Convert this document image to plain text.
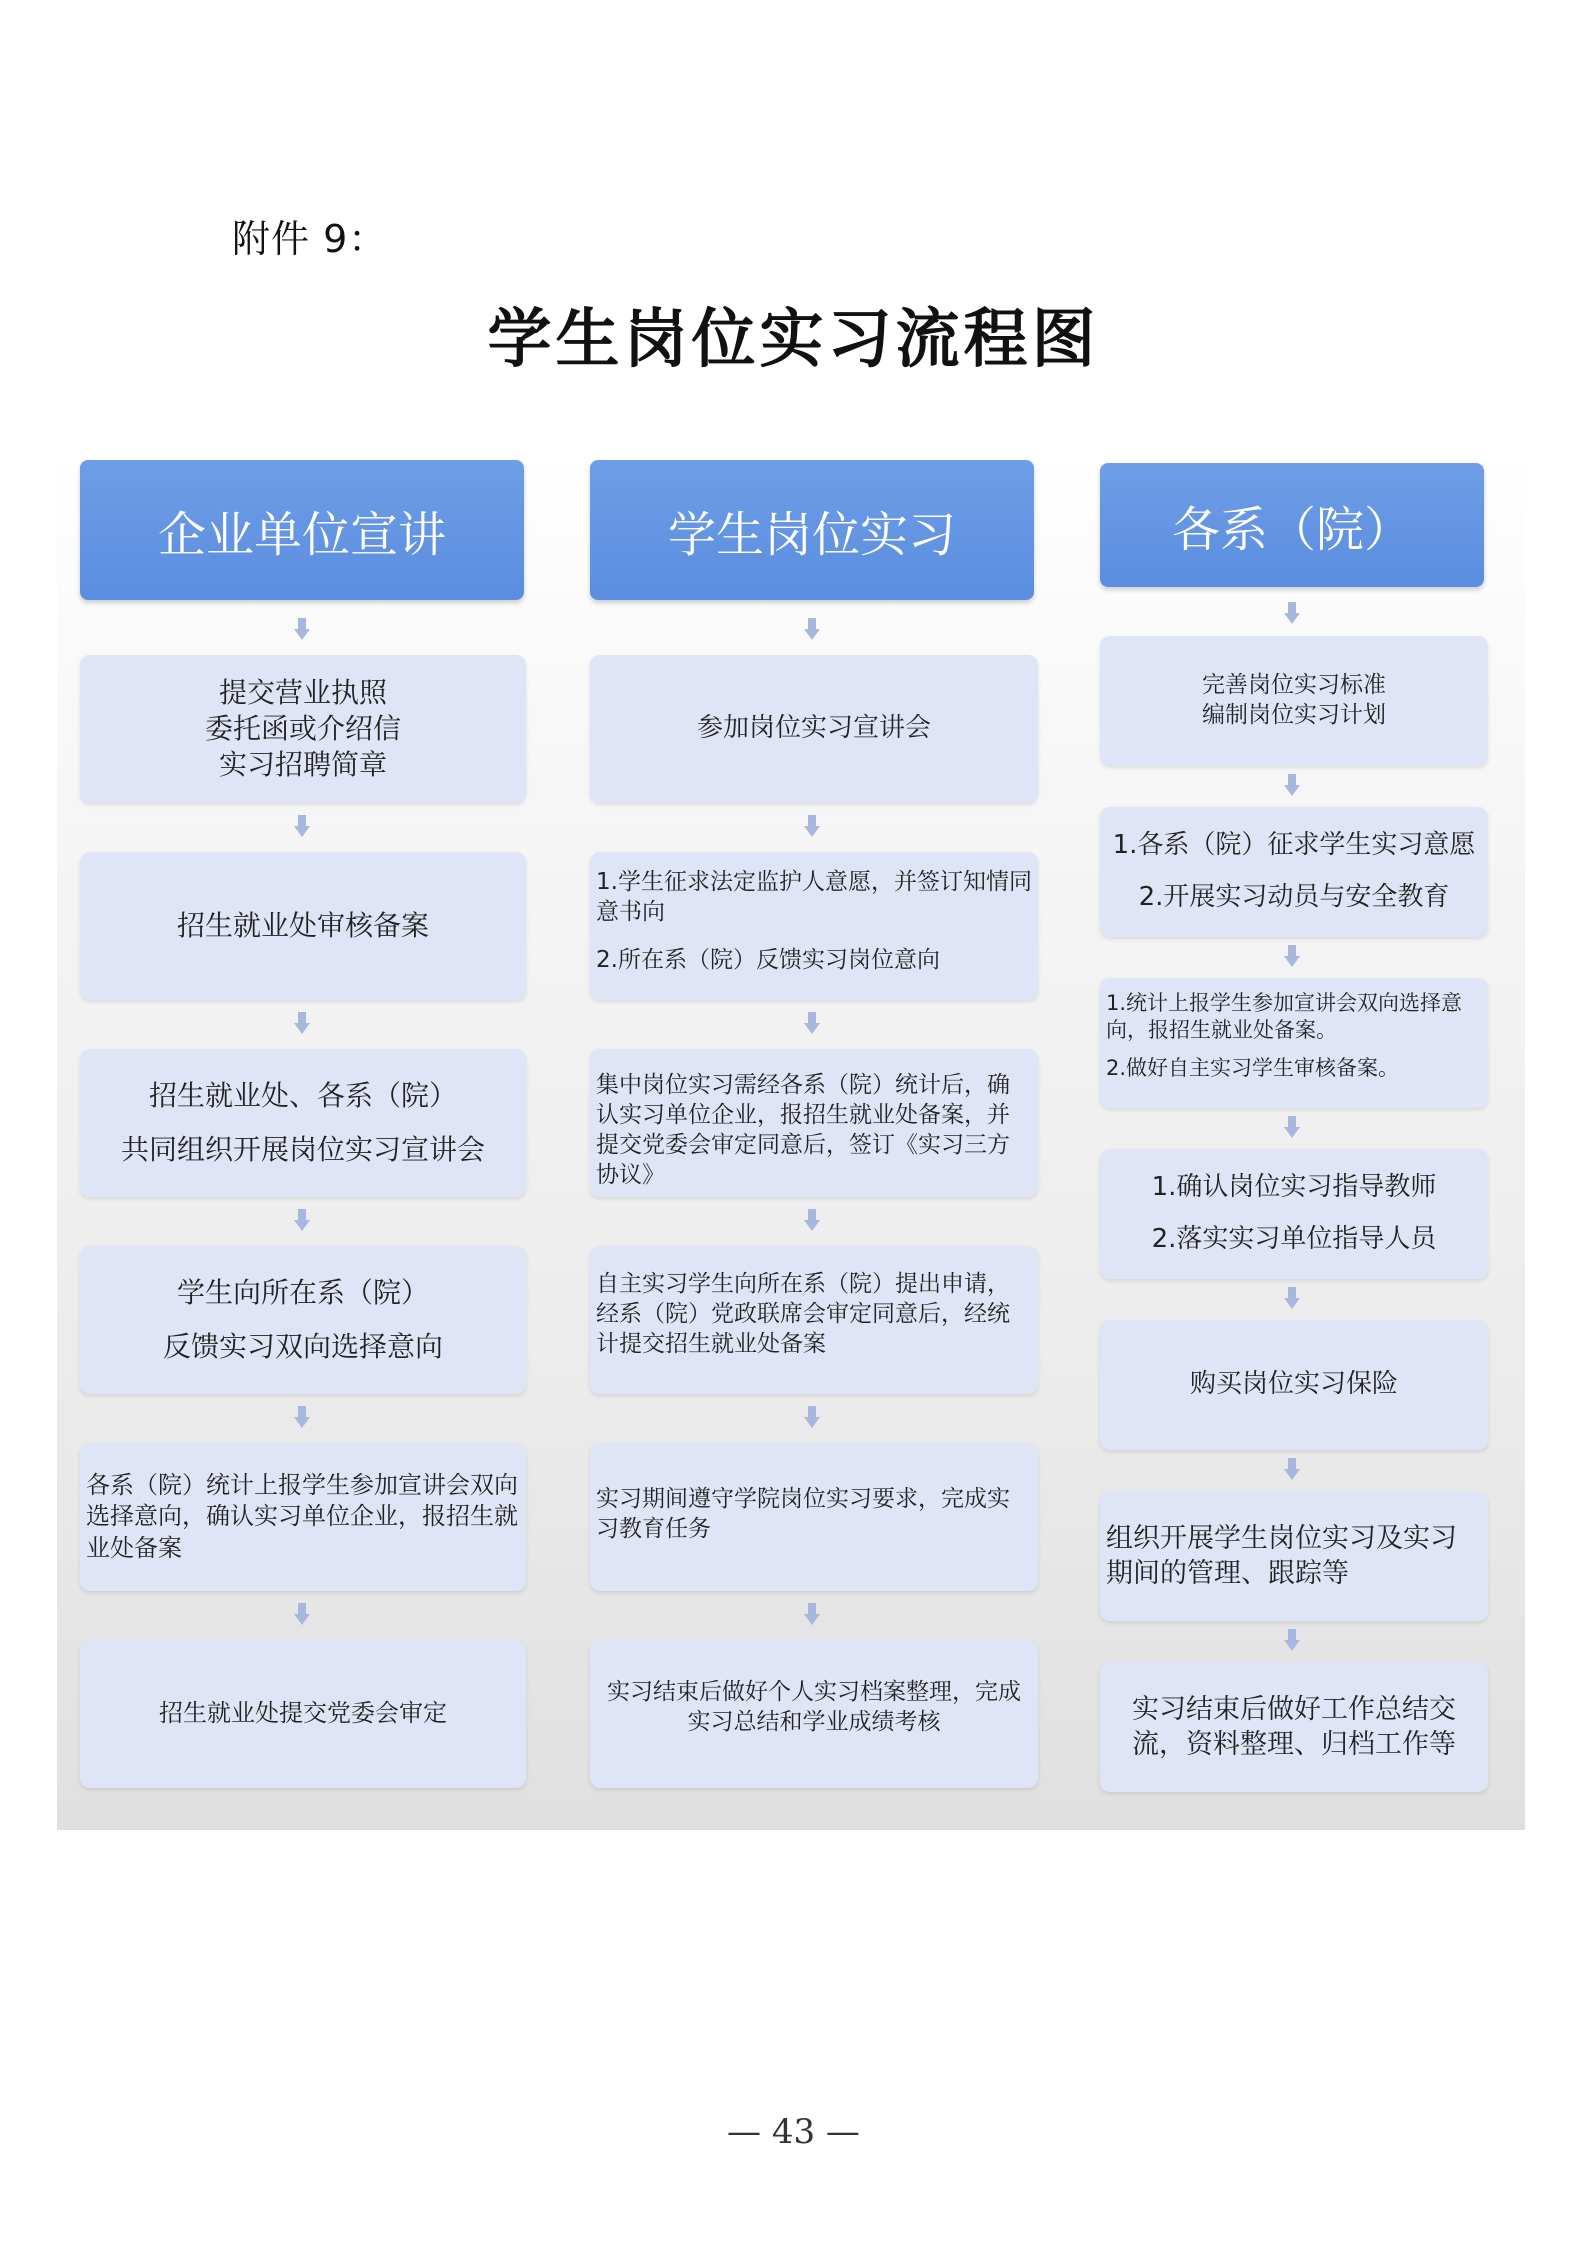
附件 9：
学生岗位实习流程图
企业单位宣讲
提交营业执照
委托函或介绍信
实习招聘简章
招生就业处审核备案
招生就业处、各系（院）
共同组织开展岗位实习宣讲会
学生向所在系（院）
反馈实习双向选择意向
各系（院）统计上报学生参加宣讲会双向选择意向，确认实习单位企业，报招生就业处备案
招生就业处提交党委会审定
学生岗位实习
参加岗位实习宣讲会
1.学生征求法定监护人意愿，并签订知情同意书向
2.所在系（院）反馈实习岗位意向
集中岗位实习需经各系（院）统计后，确认实习单位企业，报招生就业处备案，并提交党委会审定同意后，签订《实习三方协议》
自主实习学生向所在系（院）提出申请，经系（院）党政联席会审定同意后，经统计提交招生就业处备案
实习期间遵守学院岗位实习要求，完成实习教育任务
实习结束后做好个人实习档案整理，完成实习总结和学业成绩考核
各系（院）
完善岗位实习标准
编制岗位实习计划
1.各系（院）征求学生实习意愿
2.开展实习动员与安全教育
1.统计上报学生参加宣讲会双向选择意向，报招生就业处备案。
2.做好自主实习学生审核备案。
1.确认岗位实习指导教师
2.落实实习单位指导人员
购买岗位实习保险
组织开展学生岗位实习及实习期间的管理、跟踪等
实习结束后做好工作总结交流，资料整理、归档工作等
— 43 —
